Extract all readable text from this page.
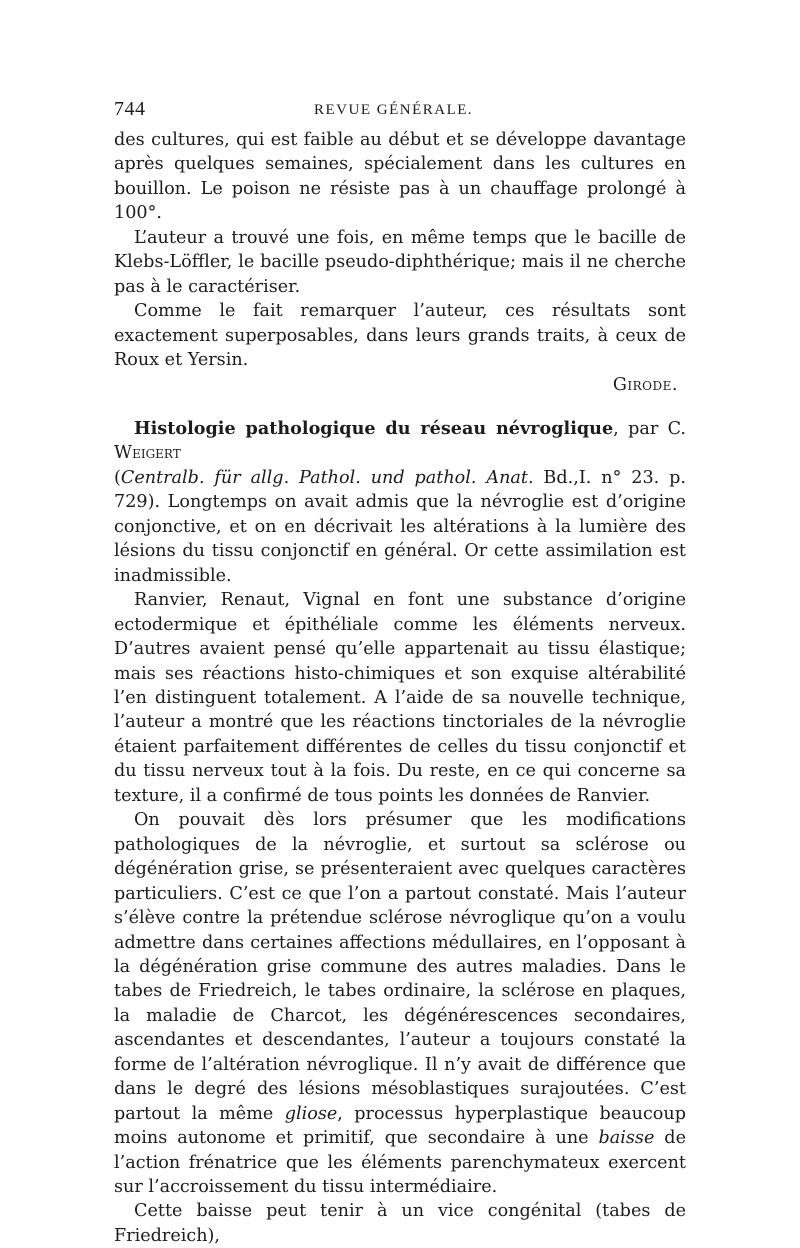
744	REVUE GÉNÉRALE.

des cultures, qui est faible au début et se développe davantage après quelques semaines, spécialement dans les cultures en bouillon. Le poison ne résiste pas à un chauffage prolongé à 100°.

L’auteur a trouvé une fois, en même temps que le bacille de Klebs-Löffler, le bacille pseudo-diphthérique; mais il ne cherche pas à le caractériser.

Comme le fait remarquer l’auteur, ces résultats sont exactement superposables, dans leurs grands traits, à ceux de Roux et Yersin.

Girode.

Histologie pathologique du réseau névroglique, par C. Weigert
(Centralb. für allg. Pathol. und pathol. Anat. Bd.,I. n° 23. p. 729). Longtemps on avait admis que la névroglie est d’origine conjonctive, et on en décrivait les altérations à la lumière des lésions du tissu conjonctif en général. Or cette assimilation est inadmissible.

Ranvier, Renaut, Vignal en font une substance d’origine ectodermique et épithéliale comme les éléments nerveux. D’autres avaient pensé qu’elle appartenait au tissu élastique; mais ses réactions histo-chimiques et son exquise altérabilité l’en distinguent totalement. A l’aide de sa nouvelle technique, l’auteur a montré que les réactions tinctoriales de la névroglie étaient parfaitement différentes de celles du tissu conjonctif et du tissu nerveux tout à la fois. Du reste, en ce qui concerne sa texture, il a confirmé de tous points les données de Ranvier.

On pouvait dès lors présumer que les modifications pathologiques de la névroglie, et surtout sa sclérose ou dégénération grise, se présenteraient avec quelques caractères particuliers. C’est ce que l’on a partout constaté. Mais l’auteur s’élève contre la prétendue sclérose névroglique qu’on a voulu admettre dans certaines affections médullaires, en l’opposant à la dégénération grise commune des autres maladies. Dans le tabes de Friedreich, le tabes ordinaire, la sclérose en plaques, la maladie de Charcot, les dégénérescences secondaires, ascendantes et descendantes, l’auteur a toujours constaté la forme de l’altération névroglique. Il n’y avait de différence que dans le degré des lésions mésoblastiques surajoutées. C’est partout la même gliose, processus hyperplastique beaucoup moins autonome et primitif, que secondaire à une baisse de l’action frénatrice que les éléments parenchymateux exercent sur l’accroissement du tissu intermédiaire.

Cette baisse peut tenir à un vice congénital (tabes de Friedreich),
